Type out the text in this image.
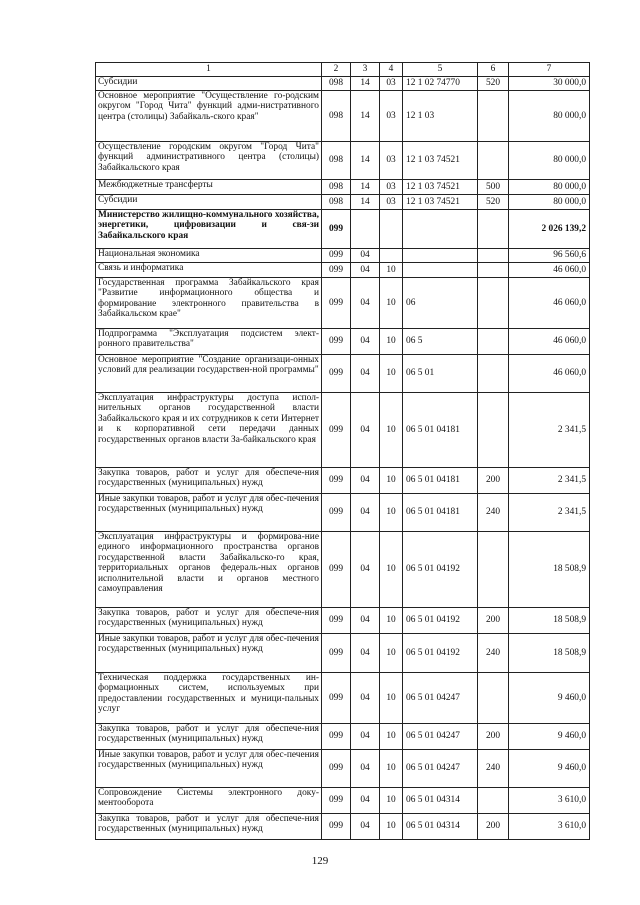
1	2	3	4	5	6	7
Субсидии	098	14	03	12 1 02 74770	520	30 000,0
Основное мероприятие "Осуществление го-родским округом "Город Чита" функций адми-нистративного центра (столицы) Забайкаль-ского края"	098	14	03	12 1 03		80 000,0
Осуществление городским округом "Город Чита" функций административного центра (столицы) Забайкальского края	098	14	03	12 1 03 74521		80 000,0
Межбюджетные трансферты	098	14	03	12 1 03 74521	500	80 000,0
Субсидии	098	14	03	12 1 03 74521	520	80 000,0
Министерство жилищно-коммунального хозяйства, энергетики, цифровизации и свя-зи Забайкальского края	099					2 026 139,2
Национальная экономика	099	04				96 560,6
Связь и информатика	099	04	10			46 060,0
Государственная программа Забайкальского края "Развитие информационного общества и формирование электронного правительства в Забайкальском крае"	099	04	10	06		46 060,0
Подпрограмма "Эксплуатация подсистем элект-ронного правительства"	099	04	10	06 5		46 060,0
Основное мероприятие "Создание организаци-онных условий для реализации государствен-ной программы"	099	04	10	06 5 01		46 060,0
Эксплуатация инфраструктуры доступа испол-нительных органов государственной власти Забайкальского края и их сотрудников к сети Интернет и к корпоративной сети передачи данных государственных органов власти За-байкальского края	099	04	10	06 5 01 04181		2 341,5
Закупка товаров, работ и услуг для обеспече-ния государственных (муниципальных) нужд	099	04	10	06 5 01 04181	200	2 341,5
Иные закупки товаров, работ и услуг для обес-печения государственных (муниципальных) нужд	099	04	10	06 5 01 04181	240	2 341,5
Эксплуатация инфраструктуры и формирова-ние единого информационного пространства органов государственной власти Забайкальско-го края, территориальных органов федераль-ных органов исполнительной власти и органов местного самоуправления	099	04	10	06 5 01 04192		18 508,9
Закупка товаров, работ и услуг для обеспече-ния государственных (муниципальных) нужд	099	04	10	06 5 01 04192	200	18 508,9
Иные закупки товаров, работ и услуг для обес-печения государственных (муниципальных) нужд	099	04	10	06 5 01 04192	240	18 508,9
Техническая поддержка государственных ин-формационных систем, используемых при предоставлении государственных и муници-пальных услуг	099	04	10	06 5 01 04247		9 460,0
Закупка товаров, работ и услуг для обеспече-ния государственных (муниципальных) нужд	099	04	10	06 5 01 04247	200	9 460,0
Иные закупки товаров, работ и услуг для обес-печения государственных (муниципальных) нужд	099	04	10	06 5 01 04247	240	9 460,0
Сопровождение Системы электронного доку-ментооборота	099	04	10	06 5 01 04314		3 610,0
Закупка товаров, работ и услуг для обеспече-ния государственных (муниципальных) нужд	099	04	10	06 5 01 04314	200	3 610,0
129
